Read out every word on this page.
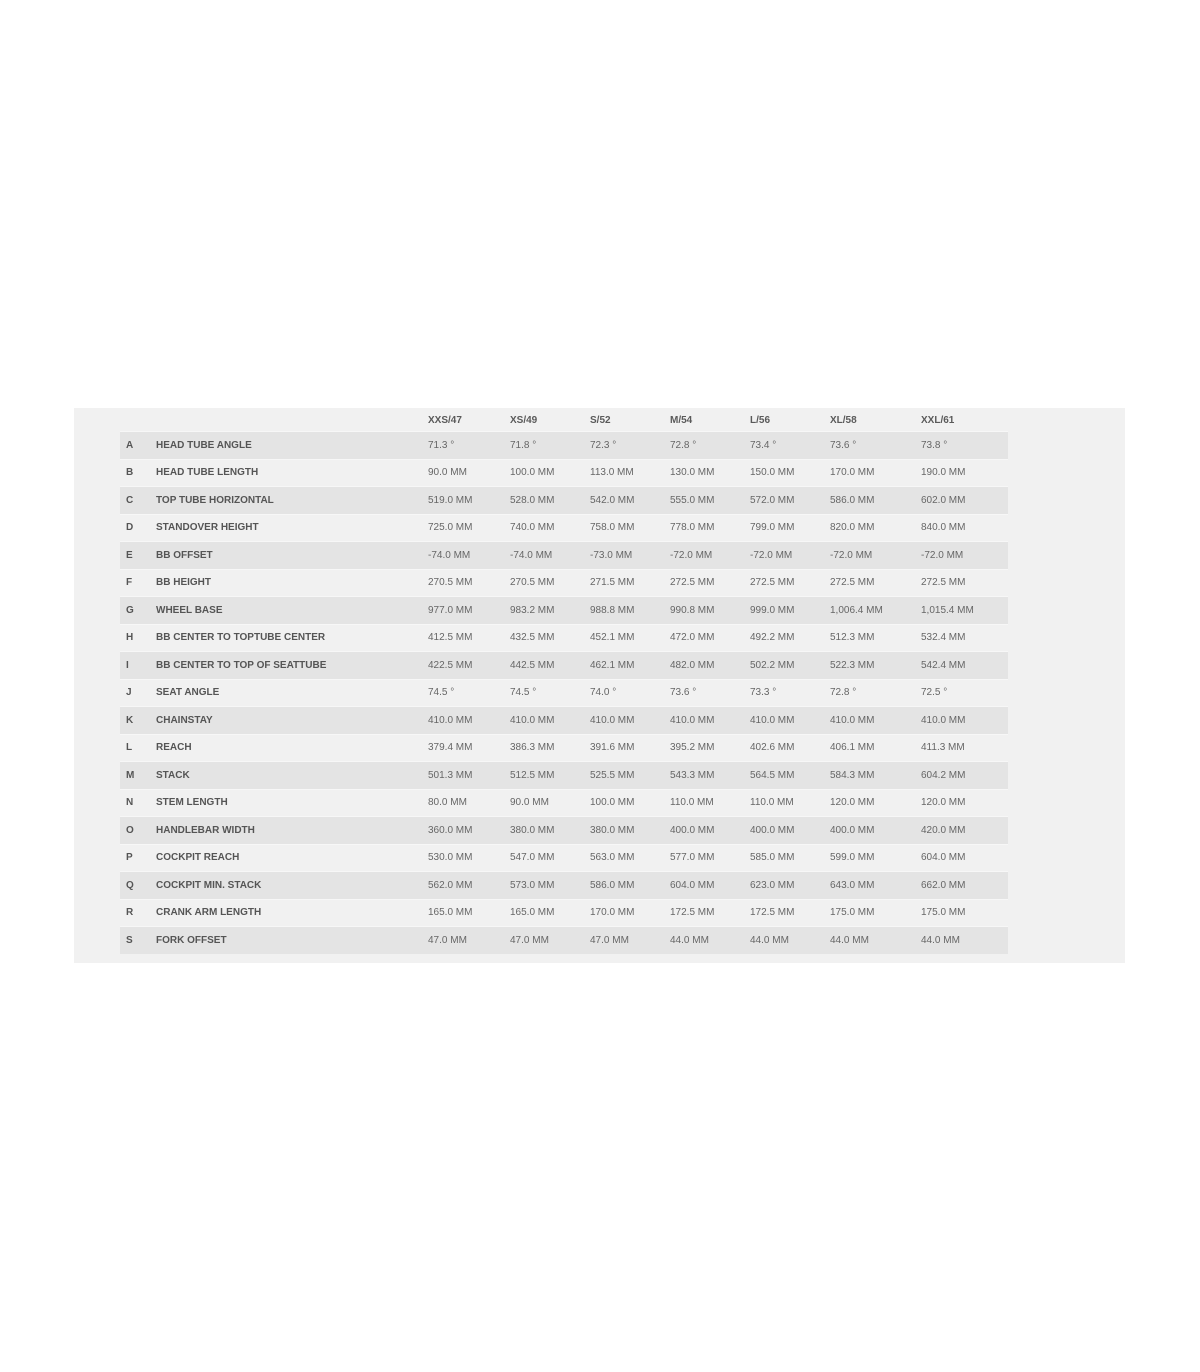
		XXS/47	XS/49	S/52	M/54	L/56	XL/58	XXL/61
A	HEAD TUBE ANGLE	71.3 °	71.8 °	72.3 °	72.8 °	73.4 °	73.6 °	73.8 °
B	HEAD TUBE LENGTH	90.0 MM	100.0 MM	113.0 MM	130.0 MM	150.0 MM	170.0 MM	190.0 MM
C	TOP TUBE HORIZONTAL	519.0 MM	528.0 MM	542.0 MM	555.0 MM	572.0 MM	586.0 MM	602.0 MM
D	STANDOVER HEIGHT	725.0 MM	740.0 MM	758.0 MM	778.0 MM	799.0 MM	820.0 MM	840.0 MM
E	BB OFFSET	-74.0 MM	-74.0 MM	-73.0 MM	-72.0 MM	-72.0 MM	-72.0 MM	-72.0 MM
F	BB HEIGHT	270.5 MM	270.5 MM	271.5 MM	272.5 MM	272.5 MM	272.5 MM	272.5 MM
G	WHEEL BASE	977.0 MM	983.2 MM	988.8 MM	990.8 MM	999.0 MM	1,006.4 MM	1,015.4 MM
H	BB CENTER TO TOPTUBE CENTER	412.5 MM	432.5 MM	452.1 MM	472.0 MM	492.2 MM	512.3 MM	532.4 MM
I	BB CENTER TO TOP OF SEATTUBE	422.5 MM	442.5 MM	462.1 MM	482.0 MM	502.2 MM	522.3 MM	542.4 MM
J	SEAT ANGLE	74.5 °	74.5 °	74.0 °	73.6 °	73.3 °	72.8 °	72.5 °
K	CHAINSTAY	410.0 MM	410.0 MM	410.0 MM	410.0 MM	410.0 MM	410.0 MM	410.0 MM
L	REACH	379.4 MM	386.3 MM	391.6 MM	395.2 MM	402.6 MM	406.1 MM	411.3 MM
M	STACK	501.3 MM	512.5 MM	525.5 MM	543.3 MM	564.5 MM	584.3 MM	604.2 MM
N	STEM LENGTH	80.0 MM	90.0 MM	100.0 MM	110.0 MM	110.0 MM	120.0 MM	120.0 MM
O	HANDLEBAR WIDTH	360.0 MM	380.0 MM	380.0 MM	400.0 MM	400.0 MM	400.0 MM	420.0 MM
P	COCKPIT REACH	530.0 MM	547.0 MM	563.0 MM	577.0 MM	585.0 MM	599.0 MM	604.0 MM
Q	COCKPIT MIN. STACK	562.0 MM	573.0 MM	586.0 MM	604.0 MM	623.0 MM	643.0 MM	662.0 MM
R	CRANK ARM LENGTH	165.0 MM	165.0 MM	170.0 MM	172.5 MM	172.5 MM	175.0 MM	175.0 MM
S	FORK OFFSET	47.0 MM	47.0 MM	47.0 MM	44.0 MM	44.0 MM	44.0 MM	44.0 MM
